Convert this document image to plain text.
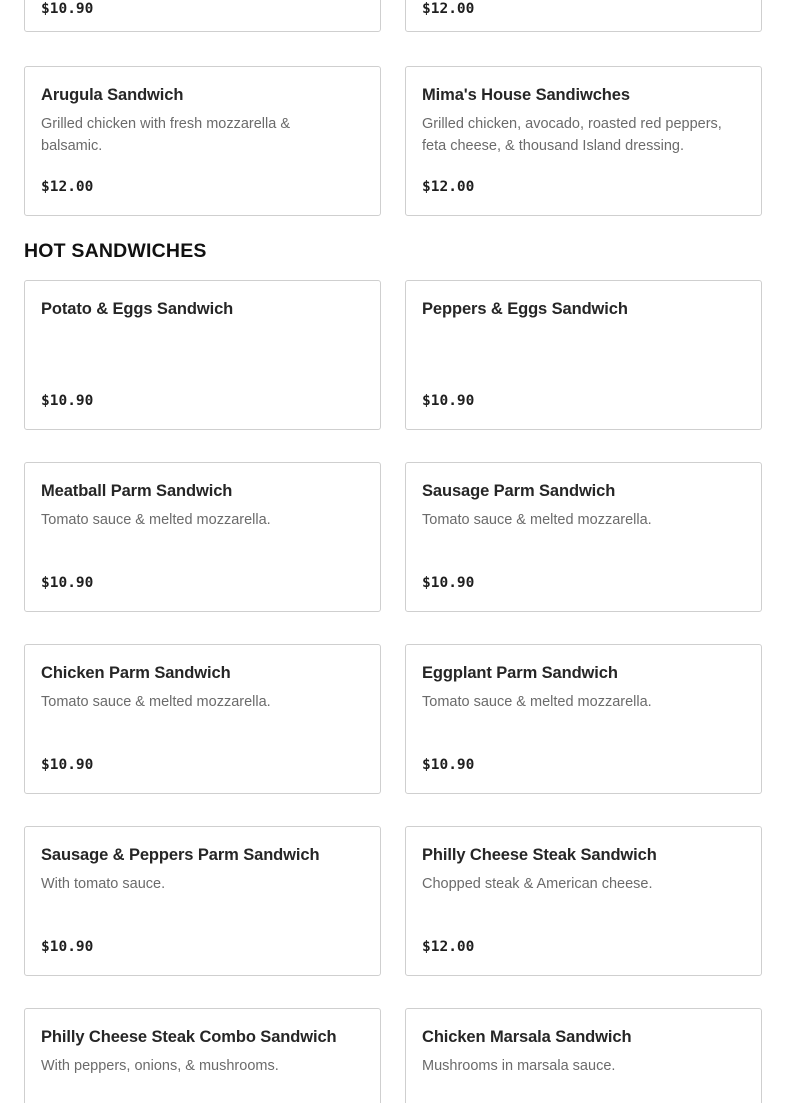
$10.90	$12.00
Arugula Sandwich
Grilled chicken with fresh mozzarella & balsamic.
$12.00
Mima's House Sandiwches
Grilled chicken, avocado, roasted red peppers, feta cheese, & thousand Island dressing.
$12.00
HOT SANDWICHES
Potato & Eggs Sandwich
$10.90
Peppers & Eggs Sandwich
$10.90
Meatball Parm Sandwich
Tomato sauce & melted mozzarella.
$10.90
Sausage Parm Sandwich
Tomato sauce & melted mozzarella.
$10.90
Chicken Parm Sandwich
Tomato sauce & melted mozzarella.
$10.90
Eggplant Parm Sandwich
Tomato sauce & melted mozzarella.
$10.90
Sausage & Peppers Parm Sandwich
With tomato sauce.
$10.90
Philly Cheese Steak Sandwich
Chopped steak & American cheese.
$12.00
Philly Cheese Steak Combo Sandwich
With peppers, onions, & mushrooms.
Chicken Marsala Sandwich
Mushrooms in marsala sauce.
